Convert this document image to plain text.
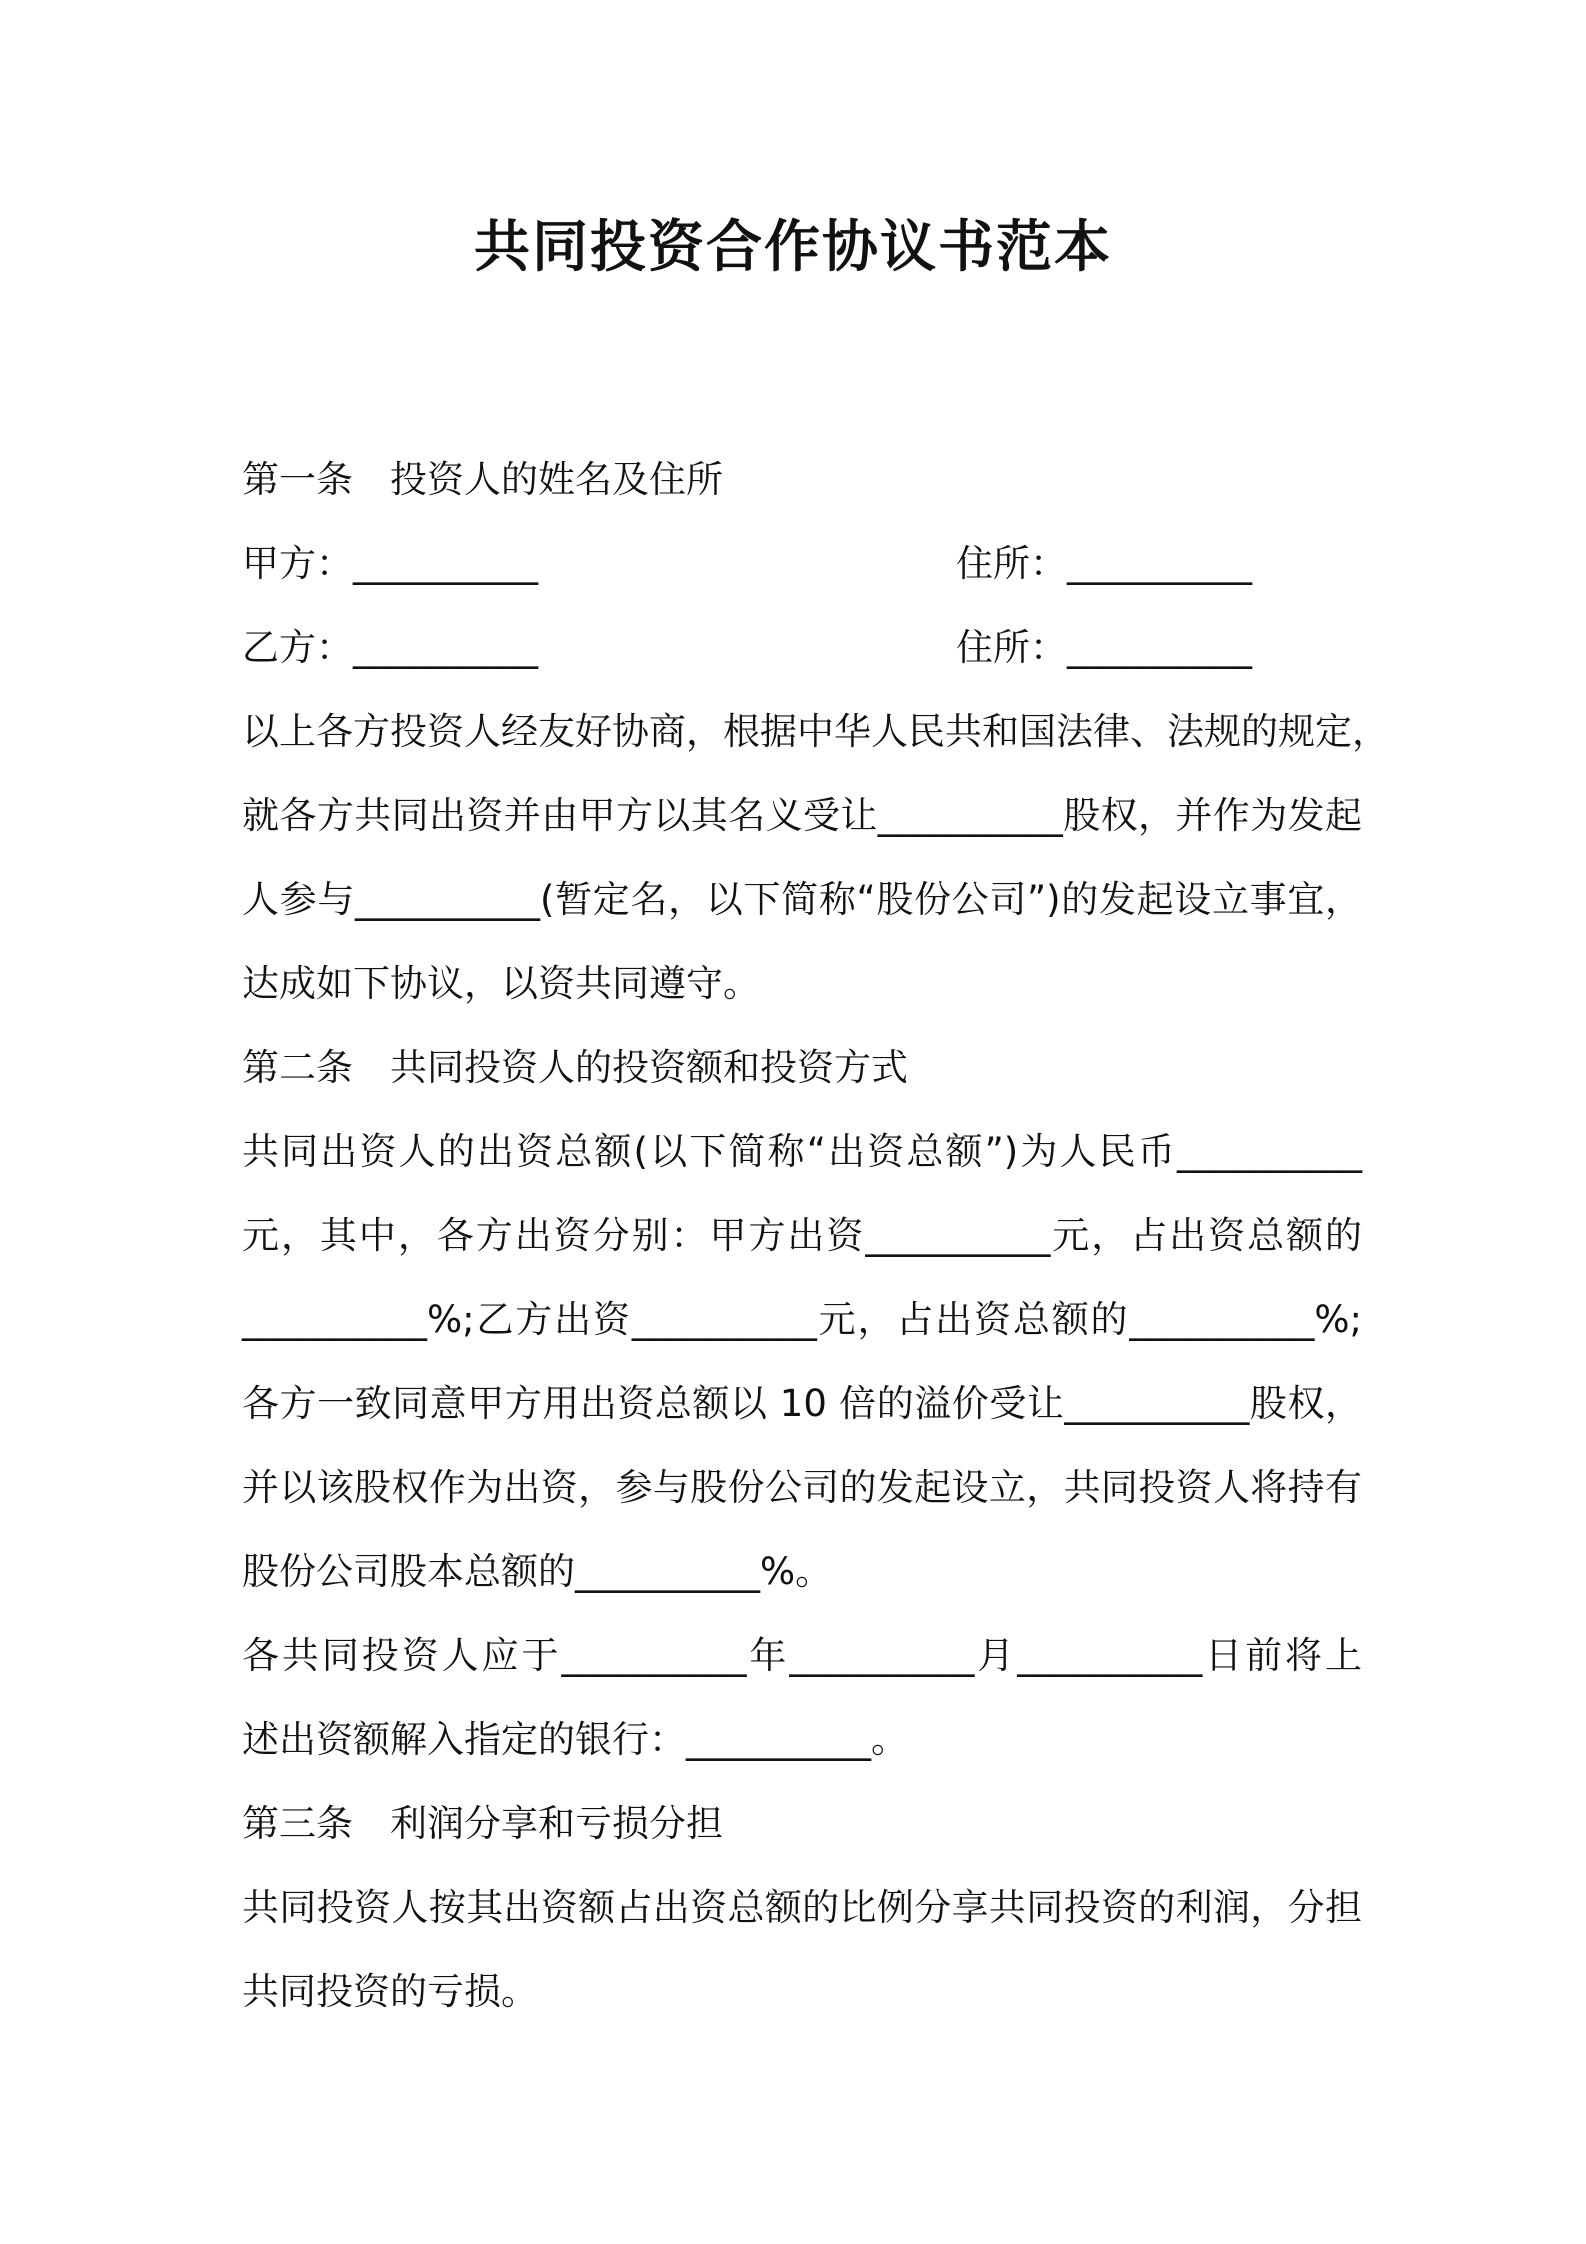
共同投资合作协议书范本
第一条　投资人的姓名及住所
甲方：__________	住所：__________
乙方：__________	住所：__________
以上各方投资人经友好协商，根据中华人民共和国法律、法规的规定，
就各方共同出资并由甲方以其名义受让__________股权，并作为发起
人参与__________(暂定名，以下简称“股份公司”)的发起设立事宜，
达成如下协议，以资共同遵守。
第二条　共同投资人的投资额和投资方式
共同出资人的出资总额(以下简称“出资总额”)为人民币__________
元，其中，各方出资分别：甲方出资__________元，占出资总额的
__________%;乙方出资__________元，占出资总额的__________%;
各方一致同意甲方用出资总额以 10 倍的溢价受让__________股权，
并以该股权作为出资，参与股份公司的发起设立，共同投资人将持有
股份公司股本总额的__________%。
各共同投资人应于__________年__________月__________日前将上
述出资额解入指定的银行：__________。
第三条　利润分享和亏损分担
共同投资人按其出资额占出资总额的比例分享共同投资的利润，分担
共同投资的亏损。
